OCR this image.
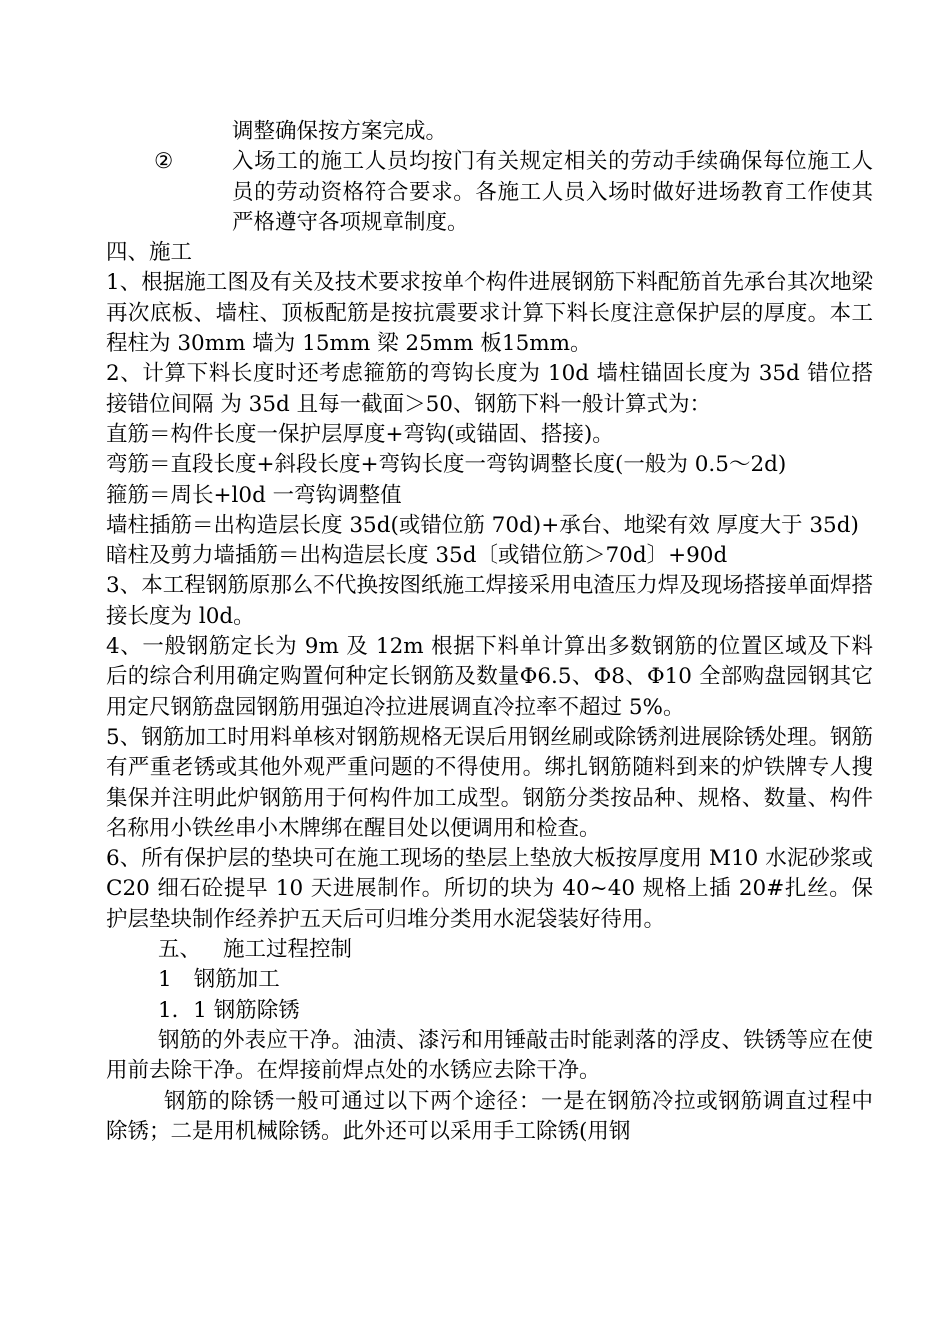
调整确保按方案完成。
②	入场工的施工人员均按门有关规定相关的劳动手续确保每位施工人员的劳动资格符合要求。各施工人员入场时做好进场教育工作使其严格遵守各项规章制度。
四、施工
1、根据施工图及有关及技术要求按单个构件进展钢筋下料配筋首先承台其次地梁再次底板、墙柱、顶板配筋是按抗震要求计算下料长度注意保护层的厚度。本工程柱为 30mm 墙为 15mm 梁 25mm 板15mm。
2、计算下料长度时还考虑箍筋的弯钩长度为 10d 墙柱锚固长度为 35d 错位搭接错位间隔 为 35d 且每一截面＞50、钢筋下料一般计算式为：
直筋＝构件长度一保护层厚度+弯钩(或锚固、搭接)。
弯筋＝直段长度+斜段长度+弯钩长度一弯钩调整长度(一般为 0.5～2d)
箍筋＝周长+l0d 一弯钩调整值
墙柱插筋＝出构造层长度 35d(或错位筋 70d)+承台、地梁有效 厚度大于 35d)
暗柱及剪力墙插筋＝出构造层长度 35d〔或错位筋＞70d〕+90d
3、本工程钢筋原那么不代换按图纸施工焊接采用电渣压力焊及现场搭接单面焊搭接长度为 l0d。
4、一般钢筋定长为 9m 及 12m 根据下料单计算出多数钢筋的位置区域及下料后的综合利用确定购置何种定长钢筋及数量Φ6.5、Φ8、Φ10 全部购盘园钢其它用定尺钢筋盘园钢筋用强迫冷拉进展调直冷拉率不超过 5%。
5、钢筋加工时用料单核对钢筋规格无误后用钢丝刷或除锈剂进展除锈处理。钢筋有严重老锈或其他外观严重问题的不得使用。绑扎钢筋随料到来的炉铁牌专人搜集保并注明此炉钢筋用于何构件加工成型。钢筋分类按品种、规格、数量、构件名称用小铁丝串小木牌绑在醒目处以便调用和检查。
6、所有保护层的垫块可在施工现场的垫层上垫放大板按厚度用 M10 水泥砂浆或 C20 细石砼提早 10 天进展制作。所切的块为 40~40 规格上插 20#扎丝。保护层垫块制作经养护五天后可归堆分类用水泥袋装好待用。
五、 施工过程控制
1 钢筋加工
1．1 钢筋除锈
钢筋的外表应干净。油渍、漆污和用锤敲击时能剥落的浮皮、铁锈等应在使用前去除干净。在焊接前焊点处的水锈应去除干净。
钢筋的除锈一般可通过以下两个途径：一是在钢筋冷拉或钢筋调直过程中除锈；二是用机械除锈。此外还可以采用手工除锈(用钢
